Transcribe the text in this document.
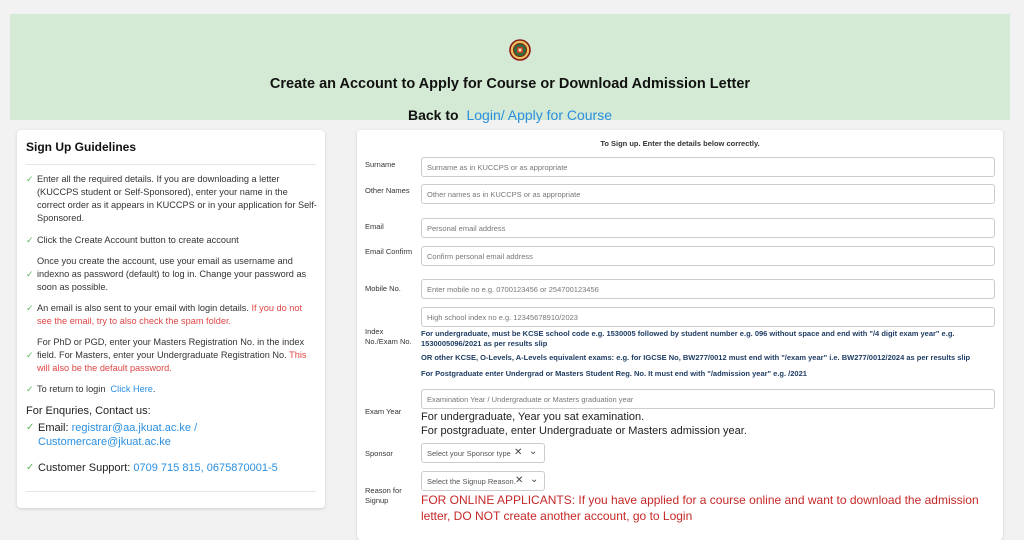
Create an Account to Apply for Course or Download Admission Letter
Back to Login/ Apply for Course
Sign Up Guidelines
✓ Enter all the required details. If you are downloading a letter (KUCCPS student or Self-Sponsored), enter your name in the correct order as it appears in KUCCPS or in your application for Self-Sponsored.
✓ Click the Create Account button to create account
✓
Once you create the account, use your email as username and indexno as password (default) to log in. Change your password as soon as possible.
✓ An email is also sent to your email with login details. If you do not see the email, try to also check the spam folder.
✓
For PhD or PGD, enter your Masters Registration No. in the index field. For Masters, enter your Undergraduate Registration No. This will also be the default password.
✓ To return to login Click Here.
For Enquries, Contact us:
✓ Email: registrar@aa.jkuat.ac.ke / Customercare@jkuat.ac.ke
✓ Customer Support: 0709 715 815, 0675870001-5
To Sign up. Enter the details below correctly.
Surname
Surname as in KUCCPS or as appropriate
Other Names
Other names as in KUCCPS or as appropriate
Email
Personal email address
Email Confirm
Confirm personal email address
Mobile No.
Enter mobile no e.g. 0700123456 or 254700123456
Index No./Exam No.
High school index no e.g. 12345678910/2023
For undergraduate, must be KCSE school code e.g. 1530005 followed by student number e.g. 096 without space and end with "/4 digit exam year" e.g. 1530005096/2021 as per results slip
OR other KCSE, O-Levels, A-Levels equivalent exams: e.g. for IGCSE No, BW277/0012 must end with "/exam year" i.e. BW277/0012/2024 as per results slip
For Postgraduate enter Undergrad or Masters Student Reg. No. It must end with "/admission year" e.g. /2021
Exam Year
Examination Year / Undergraduate or Masters graduation year	For undergraduate, Year you sat examination.
For postgraduate, enter Undergraduate or Masters admission year.
Sponsor	Select your Sponsor type ✕ ⌄
Reason for Signup
Select the Signup Reason. ✕ ⌄
FOR ONLINE APPLICANTS: If you have applied for a course online and want to download the admission letter, DO NOT create another account, go to Login
